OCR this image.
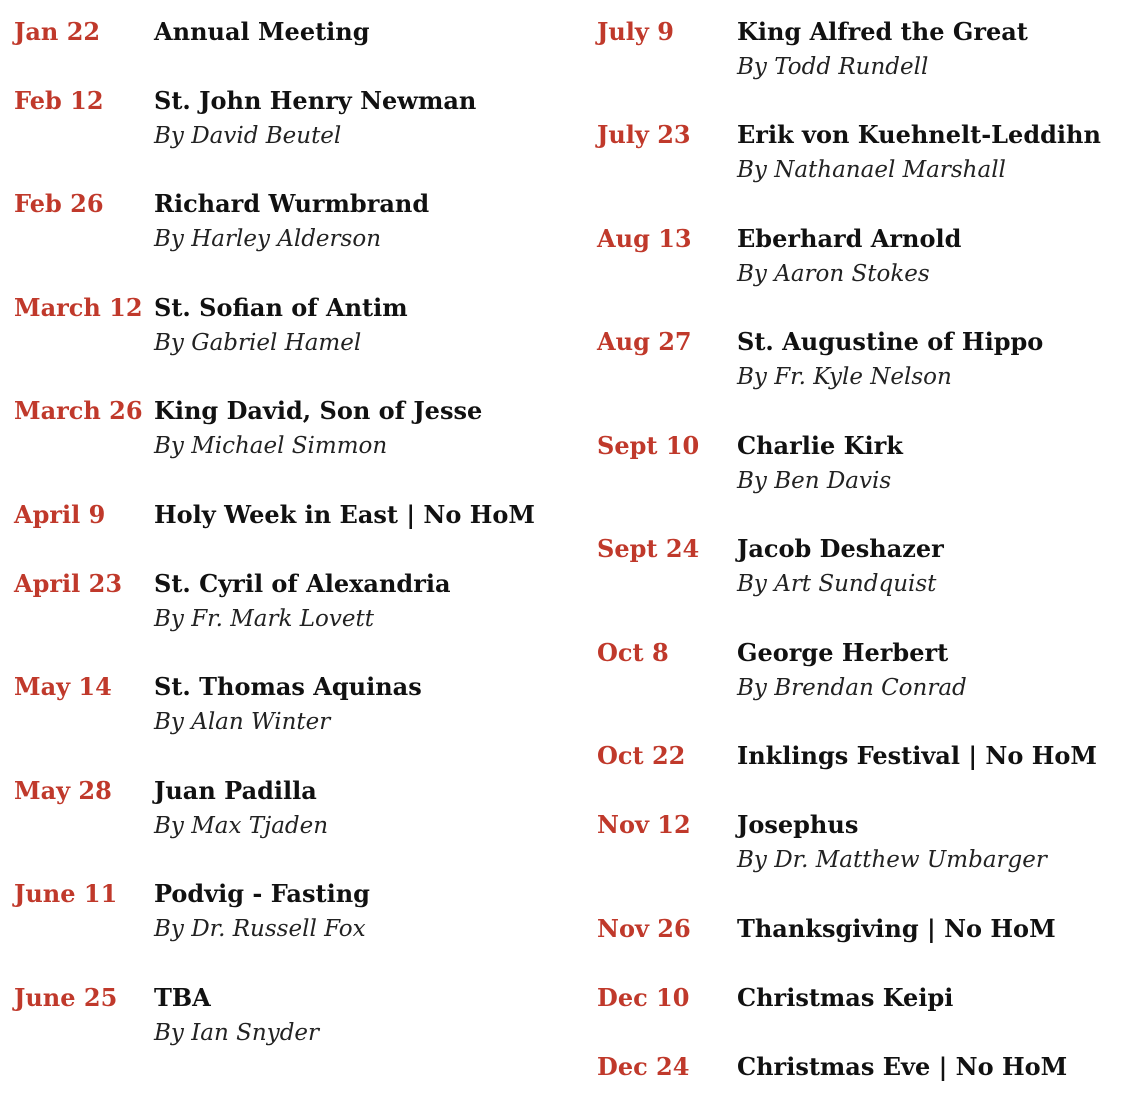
Jan 22 Annual Meeting
Feb 12 St. John Henry Newman
By David Beutel
Feb 26 Richard Wurmbrand
By Harley Alderson
March 12 St. Sofian of Antim
By Gabriel Hamel
March 26 King David, Son of Jesse
By Michael Simmon
April 9 Holy Week in East | No HoM
April 23 St. Cyril of Alexandria
By Fr. Mark Lovett
May 14 St. Thomas Aquinas
By Alan Winter
May 28 Juan Padilla
By Max Tjaden
June 11 Podvig - Fasting
By Dr. Russell Fox
June 25 TBA
By Ian Snyder
July 9	King Alfred the Great
By Todd Rundell
July 23 Erik von Kuehnelt-Leddihn
By Nathanael Marshall
Aug 13 Eberhard Arnold
By Aaron Stokes
Aug 27 St. Augustine of Hippo
By Fr. Kyle Nelson
Sept 10 Charlie Kirk
By Ben Davis
Sept 24 Jacob Deshazer
By Art Sundquist
Oct 8	George Herbert
By Brendan Conrad
Oct 22 Inklings Festival | No HoM
Nov 12 Josephus
By Dr. Matthew Umbarger
Nov 26 Thanksgiving | No HoM
Dec 10 Christmas Keipi
Dec 24 Christmas Eve | No HoM
